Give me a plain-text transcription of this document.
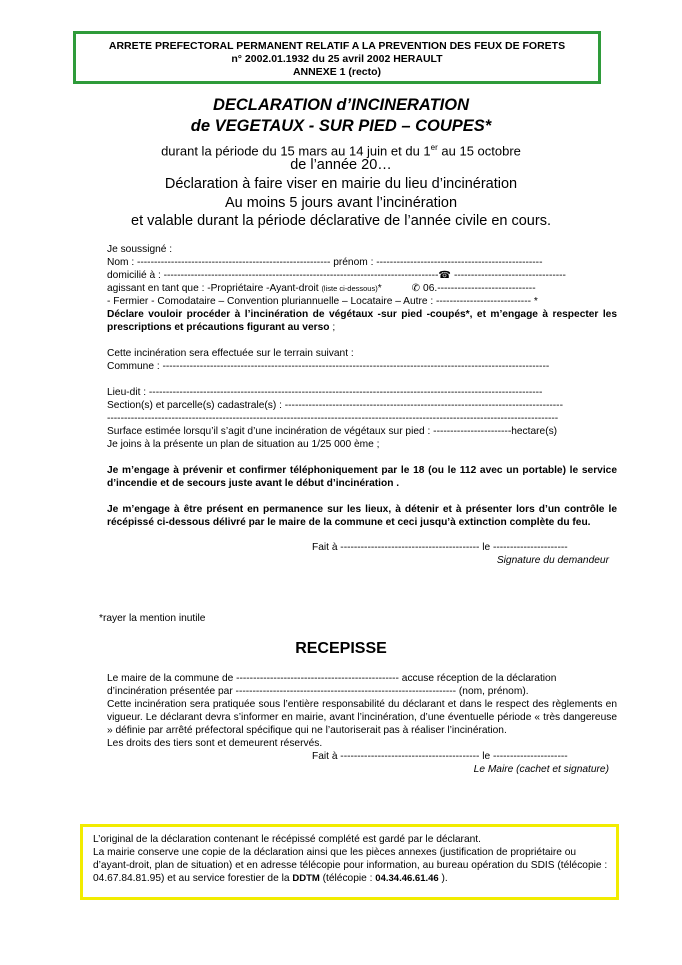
ARRETE PREFECTORAL PERMANENT RELATIF A LA PREVENTION DES FEUX DE FORETS
n° 2002.01.1932 du 25 avril 2002 HERAULT
ANNEXE 1 (recto)
DECLARATION d’INCINERATION
de VEGETAUX - SUR PIED – COUPES*
durant la période du 15 mars au 14 juin et du 1er au 15 octobre
de l’année 20…
Déclaration à faire viser en mairie du lieu d’incinération
Au moins 5 jours avant l’incinération
et valable durant la période déclarative de l’année civile en cours.

Je soussigné :

Nom : --------------------------------------------------------- prénom : -------------------------------------------------

domicilié à : ---------------------------------------------------------------------------------☎ ---------------------------------

agissant en tant que : -Propriétaire -Ayant-droit (liste ci-dessous)*	✆ 06.-----------------------------

- Fermier - Comodataire – Convention pluriannuelle – Locataire – Autre : ---------------------------- *

Déclare vouloir procéder à l’incinération de végétaux -sur pied -coupés*, et m’engage à respecter les prescriptions et précautions figurant au verso ;

Cette incinération sera effectuée sur le terrain suivant :

Commune : ------------------------------------------------------------------------------------------------------------------

Lieu-dit : --------------------------------------------------------------------------------------------------------------------

Section(s) et parcelle(s) cadastrale(s) : ----------------------------------------------------------------------------------

-------------------------------------------------------------------------------------------------------------------------------------

Surface estimée lorsqu’il s’agit d’une incinération de végétaux sur pied : -----------------------hectare(s)

Je joins à la présente un plan de situation au 1/25 000 ème ;

Je m’engage à prévenir et confirmer téléphoniquement par le 18 (ou le 112 avec un portable) le service d’incendie et de secours juste avant le début d’incinération .

Je m’engage à être présent en permanence sur les lieux, à détenir et à présenter lors d’un contrôle le récépissé ci-dessous délivré par le maire de la commune et ceci jusqu’à extinction complète du feu.

Fait à ----------------------------------------- le ----------------------

Signature du demandeur

*rayer la mention inutile
RECEPISSE

Le maire de la commune de ------------------------------------------------ accuse réception de la déclaration

d’incinération présentée par ----------------------------------------------------------------- (nom, prénom).

Cette incinération sera pratiquée sous l’entière responsabilité du déclarant et dans le respect des règlements en vigueur. Le déclarant devra s’informer en mairie, avant l’incinération, d’une éventuelle période « très dangereuse » définie par arrêté préfectoral spécifique qui ne l’autoriserait pas à réaliser l’incinération.

Les droits des tiers sont et demeurent réservés.

Fait à ----------------------------------------- le ----------------------

Le Maire (cachet et signature)

L’original de la déclaration contenant le récépissé complété est gardé par le déclarant.

La mairie conserve une copie de la déclaration ainsi que les pièces annexes (justification de propriétaire ou d’ayant-droit, plan de situation) et en adresse télécopie pour information, au bureau opération du SDIS (télécopie : 04.67.84.81.95) et au service forestier de la DDTM (télécopie : 04.34.46.61.46 ).
